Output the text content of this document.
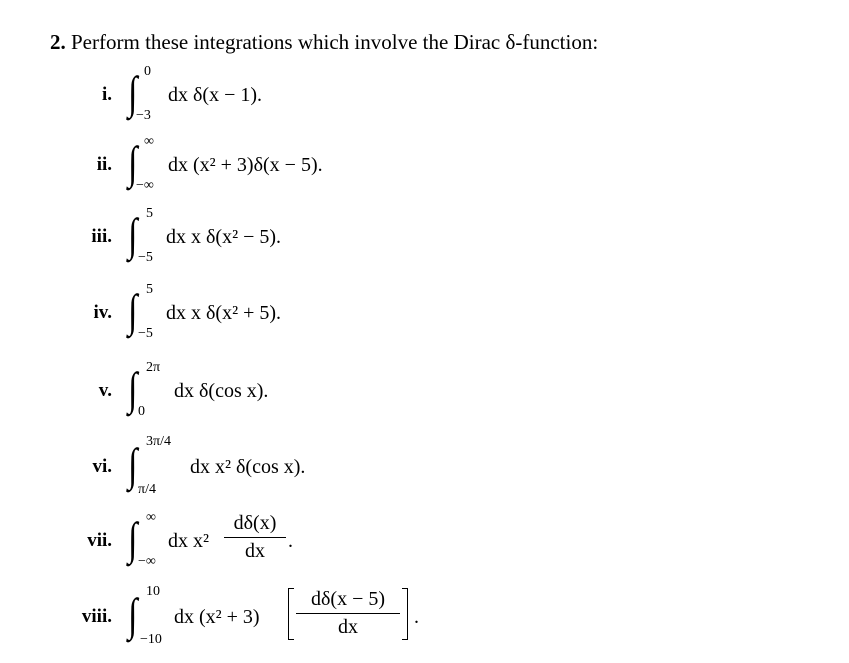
2. Perform these integrations which involve the Dirac δ-function:
i. ∫ 0
−3
dx δ(x − 1).
ii. ∫ ∞
−∞
dx (x² + 3)δ(x − 5).
iii. ∫ 5
−5
dx x δ(x² − 5).
iv. ∫ 5
−5
dx x δ(x² + 5).
v. ∫ 2π
0
dx δ(cos x).
vi. ∫ 3π/4
π/4
dx x² δ(cos x).
vii. ∫ ∞
−∞
dx x²
dδ(x)
dx	.
viii. ∫ 10
−10
dx (x² + 3)
dδ(x − 5)
dx	.
